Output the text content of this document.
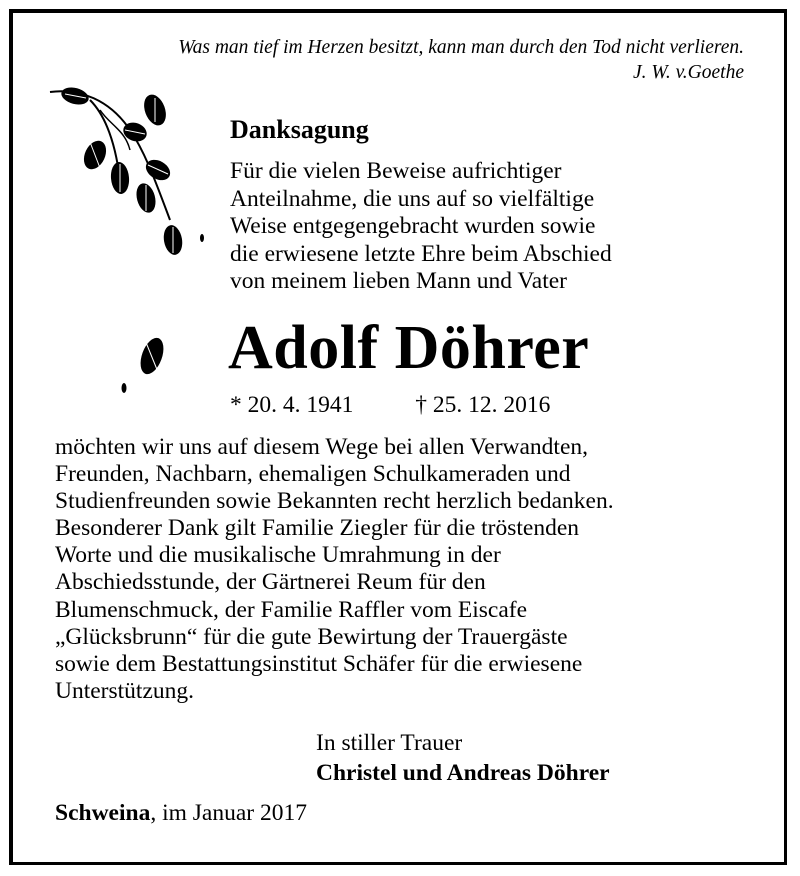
Was man tief im Herzen besitzt, kann man durch den Tod nicht verlieren.
J. W. v.Goethe
Danksagung
Für die vielen Beweise aufrichtiger
Anteilnahme, die uns auf so vielfältige
Weise entgegengebracht wurden sowie
die erwiesene letzte Ehre beim Abschied
von meinem lieben Mann und Vater
Adolf Döhrer
* 20. 4. 1941	† 25. 12. 2016

möchten wir uns auf diesem Wege bei allen Verwandten,

Freunden, Nachbarn, ehemaligen Schulkameraden und

Studienfreunden sowie Bekannten recht herzlich bedanken.

Besonderer Dank gilt Familie Ziegler für die tröstenden

Worte und die musikalische Umrahmung in der

Abschiedsstunde, der Gärtnerei Reum für den

Blumenschmuck, der Familie Raffler vom Eiscafe

„Glücksbrunn“ für die gute Bewirtung der Trauergäste

sowie dem Bestattungsinstitut Schäfer für die erwiesene

Unterstützung.

In stiller Trauer
Christel und Andreas Döhrer
Schweina, im Januar 2017
